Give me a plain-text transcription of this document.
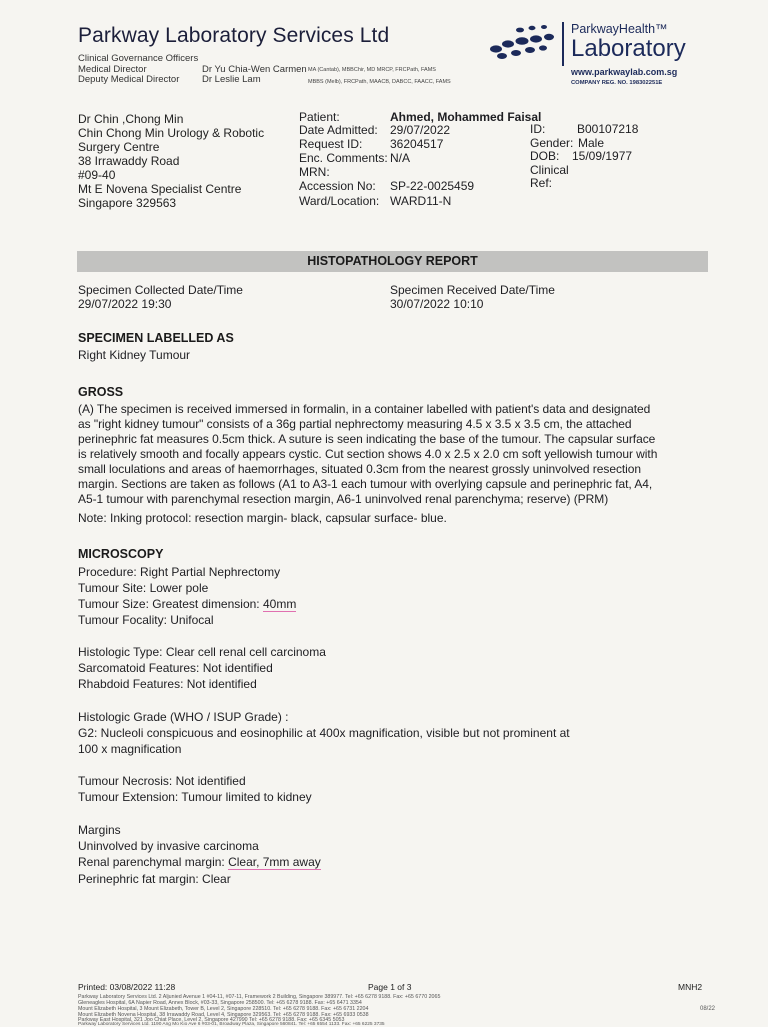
Parkway Laboratory Services Ltd
Clinical Governance Officers
Medical Director	Dr Yu Chia-Wen Carmen MA (Cantab), MBBChir, MD MRCP, FRCPath, FAMS
Deputy Medical Director Dr Leslie Lam	MBBS (Melb), FRCPath, MAACB, DABCC, FAACC, FAMS
ParkwayHealth™
Laboratory
www.parkwaylab.com.sg
COMPANY REG. NO. 198302251E
Dr Chin ,Chong Min
Chin Chong Min Urology & Robotic
Surgery Centre
38 Irrawaddy Road
#09-40
Mt E Novena Specialist Centre
Singapore 329563
Patient:	Ahmed, Mohammed Faisal
Date Admitted: 29/07/2022
Request ID: 36204517
Enc. Comments: N/A
MRN:
Accession No: SP-22-0025459
Ward/Location: WARD11-N
ID:	B00107218
Gender: Male
DOB: 15/09/1977
Clinical
Ref:
HISTOPATHOLOGY REPORT
Specimen Collected Date/Time
29/07/2022 19:30
Specimen Received Date/Time
30/07/2022 10:10
SPECIMEN LABELLED AS
Right Kidney Tumour
GROSS
(A) The specimen is received immersed in formalin, in a container labelled with patient's data and designated
as "right kidney tumour" consists of a 36g partial nephrectomy measuring 4.5 x 3.5 x 3.5 cm, the attached
perinephric fat measures 0.5cm thick. A suture is seen indicating the base of the tumour. The capsular surface
is relatively smooth and focally appears cystic. Cut section shows 4.0 x 2.5 x 2.0 cm soft yellowish tumour with
small loculations and areas of haemorrhages, situated 0.3cm from the nearest grossly uninvolved resection
margin. Sections are taken as follows (A1 to A3-1 each tumour with overlying capsule and perinephric fat, A4,
A5-1 tumour with parenchymal resection margin, A6-1 uninvolved renal parenchyma; reserve) (PRM)
Note: Inking protocol: resection margin- black, capsular surface- blue.
MICROSCOPY
Procedure: Right Partial Nephrectomy
Tumour Site: Lower pole
Tumour Size: Greatest dimension: 40mm
Tumour Focality: Unifocal
Histologic Type: Clear cell renal cell carcinoma
Sarcomatoid Features: Not identified
Rhabdoid Features: Not identified
Histologic Grade (WHO / ISUP Grade) :
G2: Nucleoli conspicuous and eosinophilic at 400x magnification, visible but not prominent at
100 x magnification
Tumour Necrosis: Not identified
Tumour Extension: Tumour limited to kidney
Margins
Uninvolved by invasive carcinoma
Renal parenchymal margin: Clear, 7mm away
Perinephric fat margin: Clear
Printed: 03/08/2022 11:28	Page 1 of 3	MNH2
Parkway Laboratory Services Ltd. 2 Aljunied Avenue 1 #04-11, #07-11, Framework 2 Building, Singapore 389977. Tel: +65 6278 9188. Fax: +65 6770 2065
Gleneagles Hospital, 6A Napier Road, Annex Block, #03-33, Singapore 258500. Tel: +65 6278 9188. Fax: +65 6471 3354
Mount Elizabeth Hospital, 3 Mount Elizabeth, Tower B, Level 2, Singapore 228510. Tel: +65 6278 9188. Fax: +65 6731 2204
Mount Elizabeth Novena Hospital, 38 Irrawaddy Road, Level 4, Singapore 329563. Tel: +65 6278 9188. Fax: +65 6933 0538
Parkway East Hospital, 321 Joo Chiat Place, Level 2, Singapore 427990 Tel: +65 6278 9188. Fax: +65 6345 5053
Parkway Laboratory Services Ltd. 1190 Ang Mo Kio Ave 6 #03-01, Broadway Plaza, Singapore 560841. Tel: +65 6554 1133. Fax: +65 6225 3735
08/22
